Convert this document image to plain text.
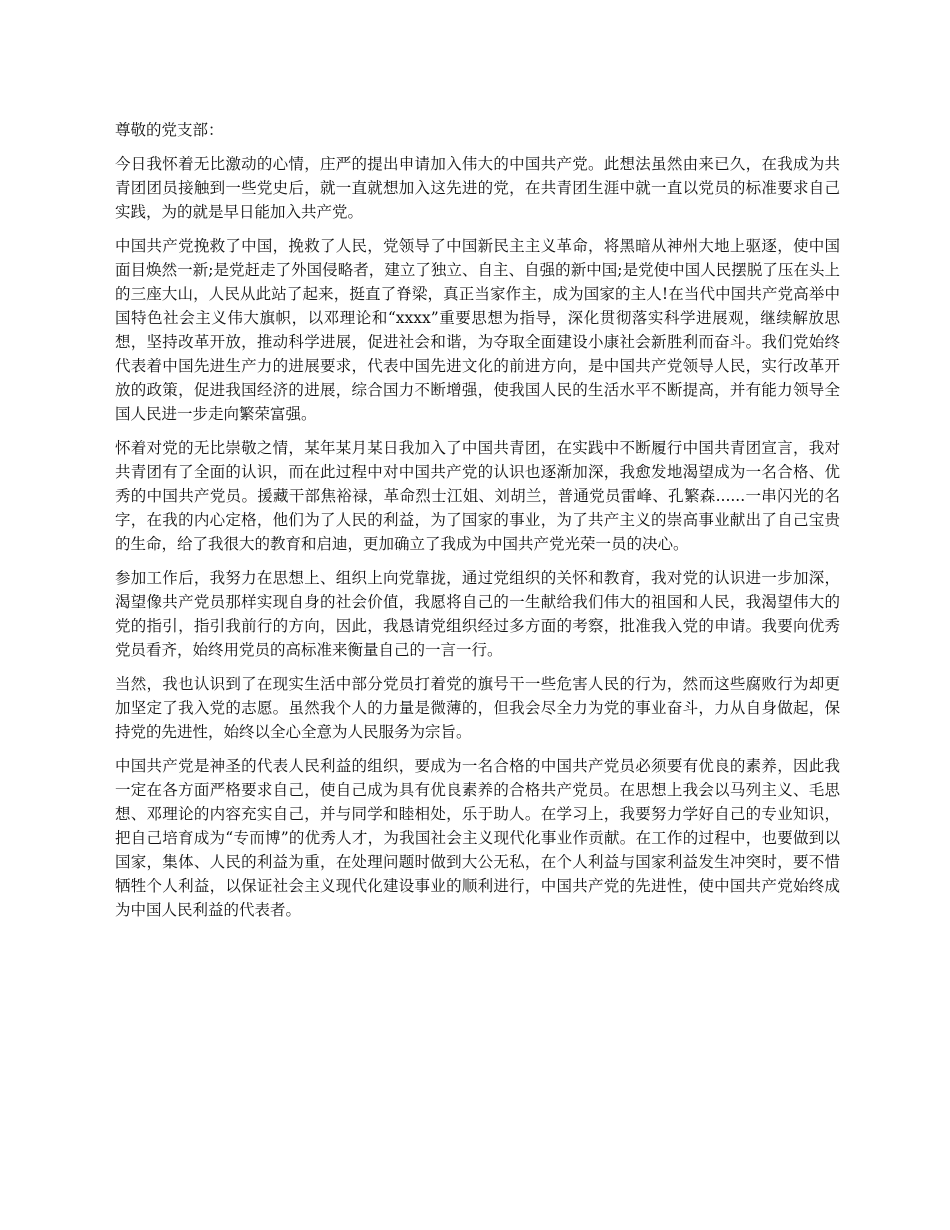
尊敬的党支部：

今日我怀着无比激动的心情，庄严的提出申请加入伟大的中国共产党。此想法虽然由来已久，在我成为共青团团员接触到一些党史后，就一直就想加入这先进的党，在共青团生涯中就一直以党员的标准要求自己实践，为的就是早日能加入共产党。

中国共产党挽救了中国，挽救了人民，党领导了中国新民主主义革命，将黑暗从神州大地上驱逐，使中国面目焕然一新;是党赶走了外国侵略者，建立了独立、自主、自强的新中国;是党使中国人民摆脱了压在头上的三座大山，人民从此站了起来，挺直了脊梁，真正当家作主，成为国家的主人!在当代中国共产党高举中国特色社会主义伟大旗帜，以邓理论和“xxxx”重要思想为指导，深化贯彻落实科学进展观，继续解放思想，坚持改革开放，推动科学进展，促进社会和谐，为夺取全面建设小康社会新胜利而奋斗。我们党始终代表着中国先进生产力的进展要求，代表中国先进文化的前进方向，是中国共产党领导人民，实行改革开放的政策，促进我国经济的进展，综合国力不断增强，使我国人民的生活水平不断提高，并有能力领导全国人民进一步走向繁荣富强。

怀着对党的无比崇敬之情，某年某月某日我加入了中国共青团，在实践中不断履行中国共青团宣言，我对共青团有了全面的认识，而在此过程中对中国共产党的认识也逐渐加深，我愈发地渴望成为一名合格、优秀的中国共产党员。援藏干部焦裕禄，革命烈士江姐、刘胡兰，普通党员雷峰、孔繁森......一串闪光的名字，在我的内心定格，他们为了人民的利益，为了国家的事业，为了共产主义的崇高事业献出了自己宝贵的生命，给了我很大的教育和启迪，更加确立了我成为中国共产党光荣一员的决心。

参加工作后，我努力在思想上、组织上向党靠拢，通过党组织的关怀和教育，我对党的认识进一步加深，渴望像共产党员那样实现自身的社会价值，我愿将自己的一生献给我们伟大的祖国和人民，我渴望伟大的党的指引，指引我前行的方向，因此，我恳请党组织经过多方面的考察，批准我入党的申请。我要向优秀党员看齐，始终用党员的高标准来衡量自己的一言一行。

当然，我也认识到了在现实生活中部分党员打着党的旗号干一些危害人民的行为，然而这些腐败行为却更加坚定了我入党的志愿。虽然我个人的力量是微薄的，但我会尽全力为党的事业奋斗，力从自身做起，保持党的先进性，始终以全心全意为人民服务为宗旨。

中国共产党是神圣的代表人民利益的组织，要成为一名合格的中国共产党员必须要有优良的素养，因此我一定在各方面严格要求自己，使自己成为具有优良素养的合格共产党员。在思想上我会以马列主义、毛思想、邓理论的内容充实自己，并与同学和睦相处，乐于助人。在学习上，我要努力学好自己的专业知识，把自己培育成为“专而博”的优秀人才，为我国社会主义现代化事业作贡献。在工作的过程中，也要做到以国家，集体、人民的利益为重，在处理问题时做到大公无私，在个人利益与国家利益发生冲突时，要不惜牺牲个人利益，以保证社会主义现代化建设事业的顺利进行，中国共产党的先进性，使中国共产党始终成为中国人民利益的代表者。
